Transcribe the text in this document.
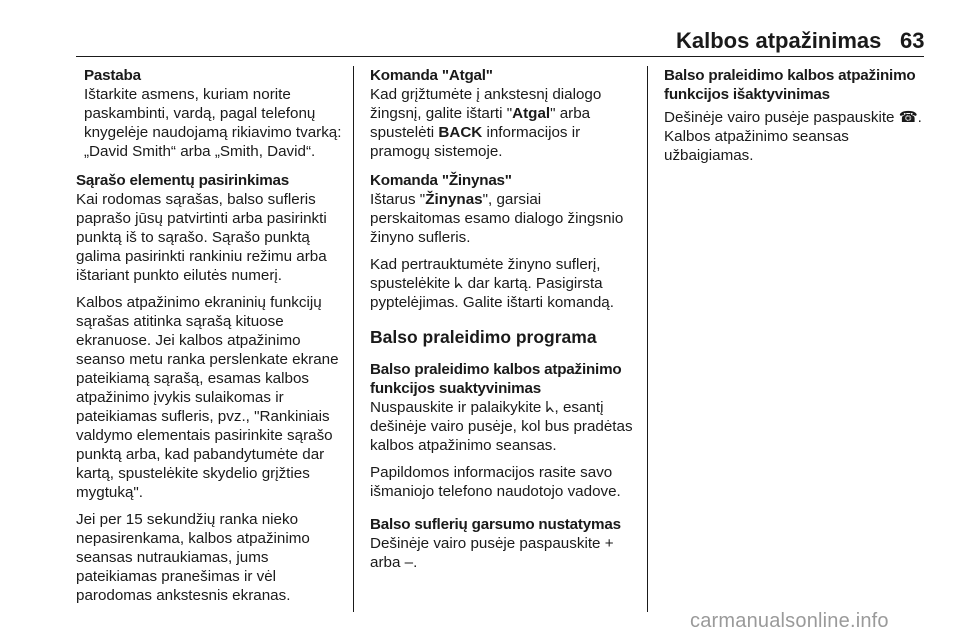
Kalbos atpažinimas 63
Pastaba

Ištarkite asmens, kuriam norite paskambinti, vardą, pagal telefonų knygelėje naudojamą rikiavimo tvarką: „David Smith“ arba „Smith, David“.

Sąrašo elementų pasirinkimas

Kai rodomas sąrašas, balso sufleris paprašo jūsų patvirtinti arba pasirinkti punktą iš to sąrašo. Sąrašo punktą galima pasirinkti rankiniu režimu arba ištariant punkto eilutės numerį.

Kalbos atpažinimo ekraninių funkcijų sąrašas atitinka sąrašą kituose ekranuose. Jei kalbos atpažinimo seanso metu ranka perslenkate ekrane pateikiamą sąrašą, esamas kalbos atpažinimo įvykis sulaikomas ir pateikiamas sufleris, pvz., "Rankiniais valdymo elementais pasirinkite sąrašo punktą arba, kad pabandytumėte dar kartą, spustelėkite skydelio grįžties mygtuką".

Jei per 15 sekundžių ranka nieko nepasirenkama, kalbos atpažinimo seansas nutraukiamas, jums pateikiamas pranešimas ir vėl parodomas ankstesnis ekranas.

Komanda "Atgal"

Kad grįžtumėte į ankstesnį dialogo žingsnį, galite ištarti "Atgal" arba spustelėti BACK informacijos ir pramogų sistemoje.

Komanda "Žinynas"

Ištarus "Žinynas", garsiai perskaitomas esamo dialogo žingsnio žinyno sufleris.

Kad pertrauktumėte žinyno suflerį, spustelėkite ᖾ dar kartą. Pasigirsta pyptelėjimas. Galite ištarti komandą.

Balso praleidimo programa
Balso praleidimo kalbos atpažinimo funkcijos suaktyvinimas

Nuspauskite ir palaikykite ᖾ, esantį dešinėje vairo pusėje, kol bus pradėtas kalbos atpažinimo seansas.

Papildomos informacijos rasite savo išmaniojo telefono naudotojo vadove.

Balso suflerių garsumo nustatymas

Dešinėje vairo pusėje paspauskite + arba –.

Balso praleidimo kalbos atpažinimo funkcijos išaktyvinimas

Dešinėje vairo pusėje paspauskite ☎. Kalbos atpažinimo seansas užbaigiamas.

carmanualsonline.info
